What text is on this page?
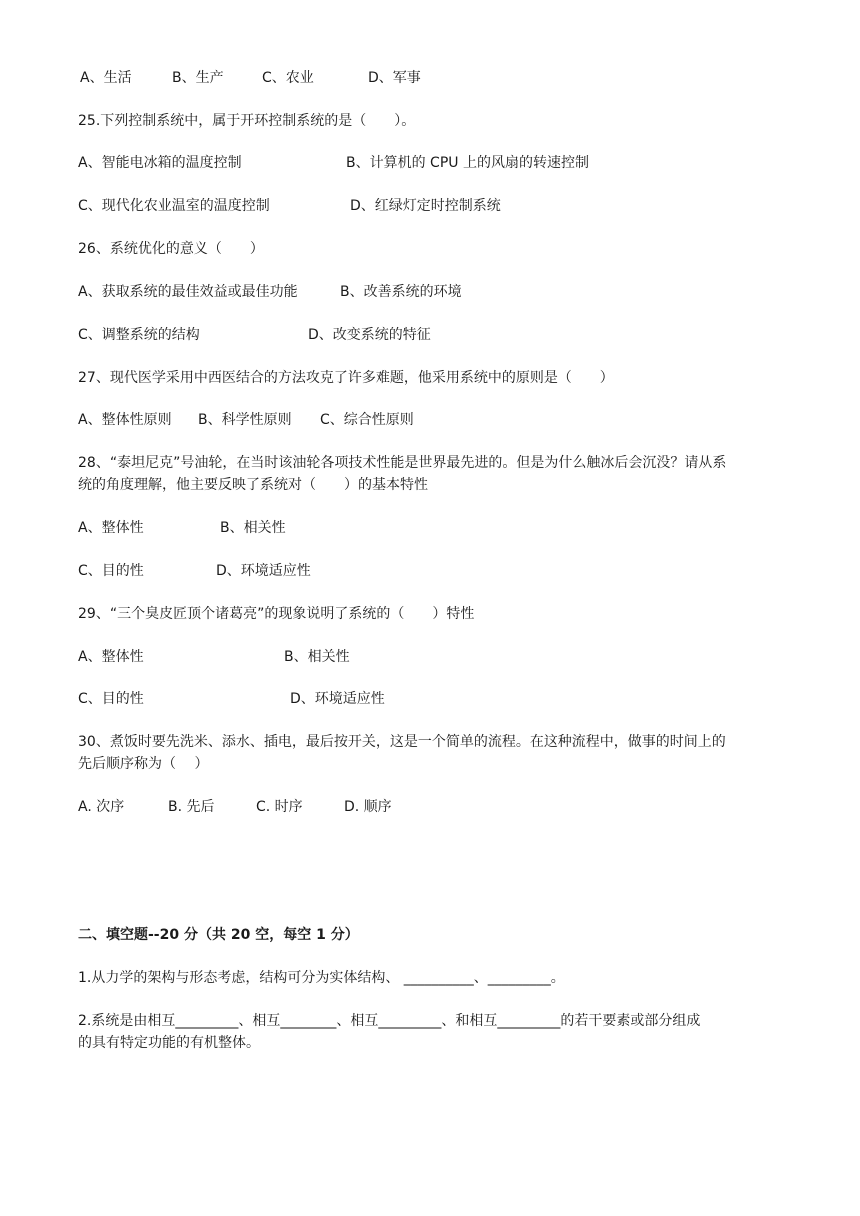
A、生活	B、生产	C、农业	D、军事
25.下列控制系统中，属于开环控制系统的是（　　）。
A、智能电冰箱的温度控制	B、计算机的 CPU 上的风扇的转速控制
C、现代化农业温室的温度控制	D、红绿灯定时控制系统
26、系统优化的意义（　　）
A、获取系统的最佳效益或最佳功能	B、改善系统的环境
C、调整系统的结构	D、改变系统的特征
27、现代医学采用中西医结合的方法攻克了许多难题，他采用系统中的原则是（　　）
A、整体性原则 B、科学性原则 C、综合性原则
28、“泰坦尼克”号油轮，在当时该油轮各项技术性能是世界最先进的。但是为什么触冰后会沉没？请从系
统的角度理解，他主要反映了系统对（　　）的基本特性
A、整体性	B、相关性
C、目的性	D、环境适应性
29、“三个臭皮匠顶个诸葛亮”的现象说明了系统的（　　）特性
A、整体性	B、相关性
C、目的性	D、环境适应性
30、煮饭时要先洗米、添水、插电，最后按开关，这是一个简单的流程。在这种流程中，做事的时间上的
先后顺序称为（　 ）
A. 次序	B. 先后	C. 时序	D. 顺序
二、填空题--20 分（共 20 空，每空 1 分）
1.从力学的架构与形态考虑，结构可分为实体结构、 __________、_________。
2.系统是由相互_________、相互________、相互_________、和相互_________的若干要素或部分组成
的具有特定功能的有机整体。
